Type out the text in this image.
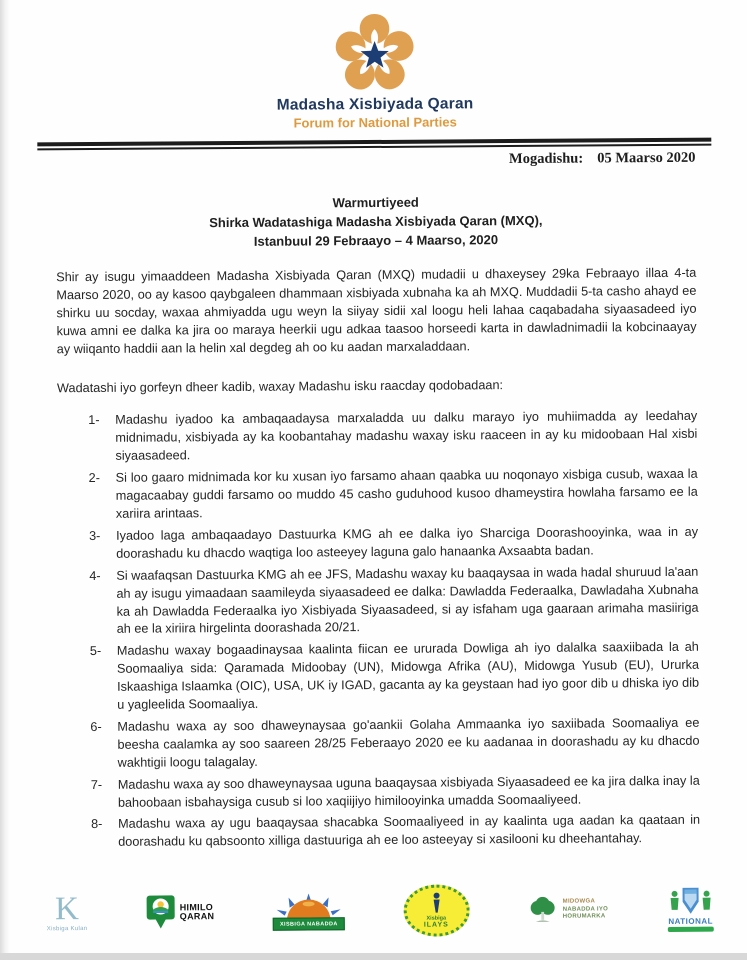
Madasha Xisbiyada Qaran
Forum for National Parties
Mogadishu: 05 Maarso 2020
Warmurtiyeed
Shirka Wadatashiga Madasha Xisbiyada Qaran (MXQ),
Istanbuul 29 Febraayo – 4 Maarso, 2020

Shir ay isugu yimaaddeen Madasha Xisbiyada Qaran (MXQ) mudadii u dhaxeysey 29ka Febraayo illaa 4-ta Maarso 2020, oo ay kasoo qaybgaleen dhammaan xisbiyada xubnaha ka ah MXQ. Muddadii 5-ta casho ahayd ee shirku uu socday, waxaa ahmiyadda ugu weyn la siiyay sidii xal loogu heli lahaa caqabadaha siyaasadeed iyo kuwa amni ee dalka ka jira oo maraya heerkii ugu adkaa taasoo horseedi karta in dawladnimadii la kobcinaayay ay wiiqanto haddii aan la helin xal degdeg ah oo ku aadan marxaladdaan.

Wadatashi iyo gorfeyn dheer kadib, waxay Madashu isku raacday qodobadaan:

1-	Madashu iyadoo ka ambaqaadaysa marxaladda uu dalku marayo iyo muhiimadda ay leedahay midnimadu, xisbiyada ay ka koobantahay madashu waxay isku raaceen in ay ku midoobaan Hal xisbi siyaasadeed.
2-	Si loo gaaro midnimada kor ku xusan iyo farsamo ahaan qaabka uu noqonayo xisbiga cusub, waxaa la magacaabay guddi farsamo oo muddo 45 casho guduhood kusoo dhameystira howlaha farsamo ee la xariira arintaas.
3-	Iyadoo laga ambaqaadayo Dastuurka KMG ah ee dalka iyo Sharciga Doorashooyinka, waa in ay doorashadu ku dhacdo waqtiga loo asteeyey laguna galo hanaanka Axsaabta badan.
4-	Si waafaqsan Dastuurka KMG ah ee JFS, Madashu waxay ku baaqaysaa in wada hadal shuruud la'aan ah ay isugu yimaadaan saamileyda siyaasadeed ee dalka: Dawladda Federaalka, Dawladaha Xubnaha ka ah Dawladda Federaalka iyo Xisbiyada Siyaasadeed, si ay isfaham uga gaaraan arimaha masiiriga ah ee la xiriira hirgelinta doorashada 20/21.
5-	Madashu waxay bogaadinaysaa kaalinta fiican ee ururada Dowliga ah iyo dalalka saaxiibada la ah Soomaaliya sida: Qaramada Midoobay (UN), Midowga Afrika (AU), Midowga Yusub (EU), Ururka Iskaashiga Islaamka (OIC), USA, UK iy IGAD, gacanta ay ka geystaan had iyo goor dib u dhiska iyo dib u yagleelida Soomaaliya.
6-	Madashu waxa ay soo dhaweynaysaa go'aankii Golaha Ammaanka iyo saxiibada Soomaaliya ee beesha caalamka ay soo saareen 28/25 Feberaayo 2020 ee ku aadanaa in doorashadu ay ku dhacdo wakhtigii loogu talagalay.
7-	Madashu waxa ay soo dhaweynaysaa uguna baaqaysaa xisbiyada Siyaasadeed ee ka jira dalka inay la bahoobaan isbahaysiga cusub si loo xaqiijiyo himilooyinka umadda Soomaaliyeed.
8-	Madashu waxa ay ugu baaqaysaa shacabka Soomaaliyeed in ay kaalinta uga aadan ka qaataan in doorashadu ku qabsoonto xilliga dastuuriga ah ee loo asteeyay si xasilooni ku dheehantahay.
K
Xisbiga Kulan
HIMILO
QARAN
XISBIGA NABADDA
Xisbiga
ILAYS
MIDOWGA
NABADDA IYO
HORUMARKA
NATIONAL
